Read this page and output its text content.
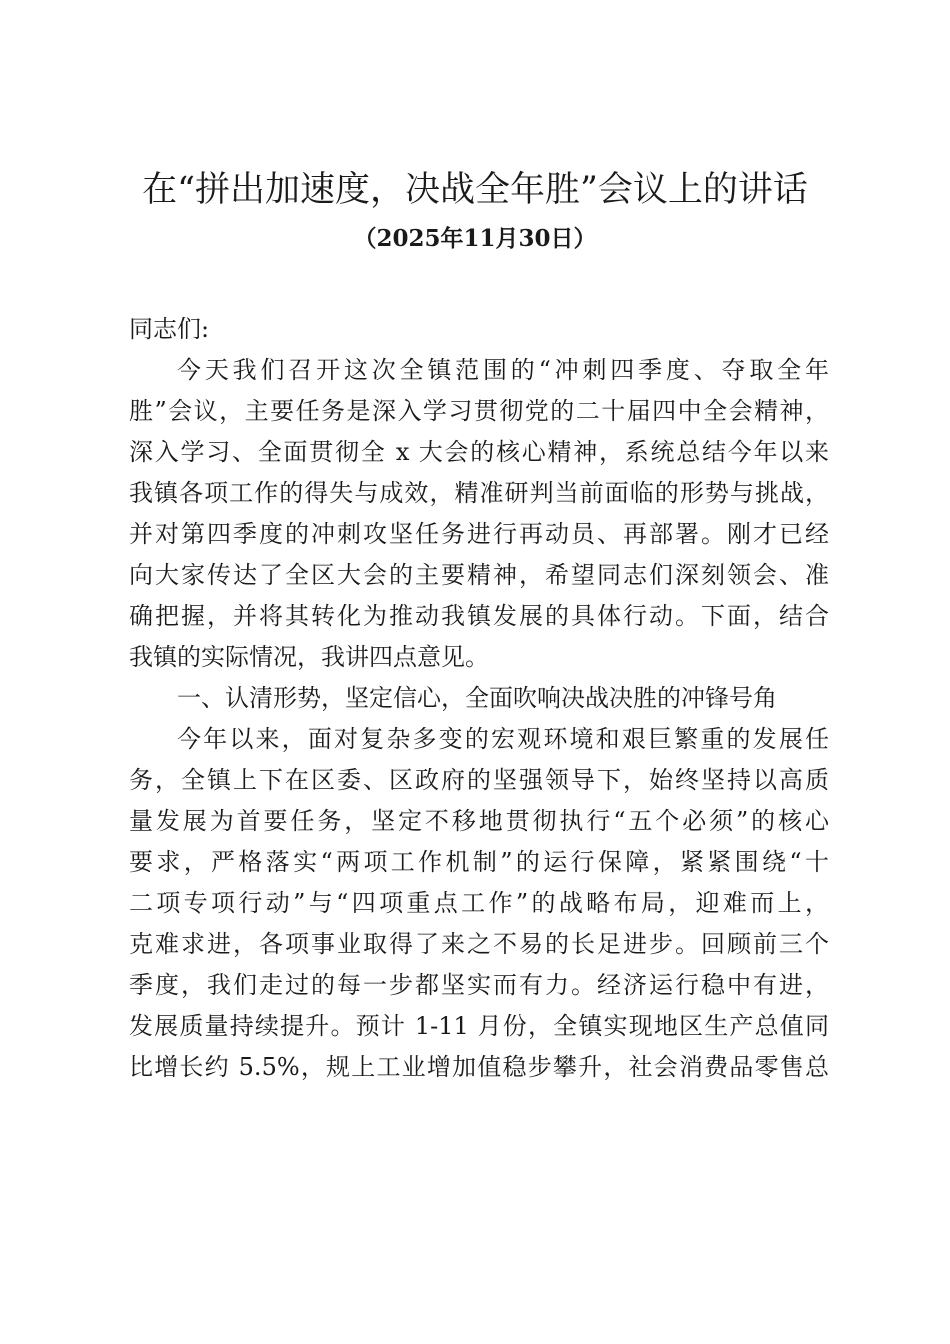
在“拼出加速度，决战全年胜”会议上的讲话
（2025年11月30日）

同志们:

今天我们召开这次全镇范围的“冲刺四季度、夺取全年
胜”会议，主要任务是深入学习贯彻党的二十届四中全会精神，
深入学习、全面贯彻全 x 大会的核心精神，系统总结今年以来
我镇各项工作的得失与成效，精准研判当前面临的形势与挑战，
并对第四季度的冲刺攻坚任务进行再动员、再部署。刚才已经
向大家传达了全区大会的主要精神，希望同志们深刻领会、准
确把握，并将其转化为推动我镇发展的具体行动。下面，结合
我镇的实际情况，我讲四点意见。

一、认清形势，坚定信心，全面吹响决战决胜的冲锋号角

今年以来，面对复杂多变的宏观环境和艰巨繁重的发展任
务，全镇上下在区委、区政府的坚强领导下，始终坚持以高质
量发展为首要任务，坚定不移地贯彻执行“五个必须”的核心
要求，严格落实“两项工作机制”的运行保障，紧紧围绕“十
二项专项行动”与“四项重点工作”的战略布局，迎难而上，
克难求进，各项事业取得了来之不易的长足进步。回顾前三个
季度，我们走过的每一步都坚实而有力。经济运行稳中有进，
发展质量持续提升。预计 1-11 月份，全镇实现地区生产总值同
比增长约 5.5%，规上工业增加值稳步攀升，社会消费品零售总
